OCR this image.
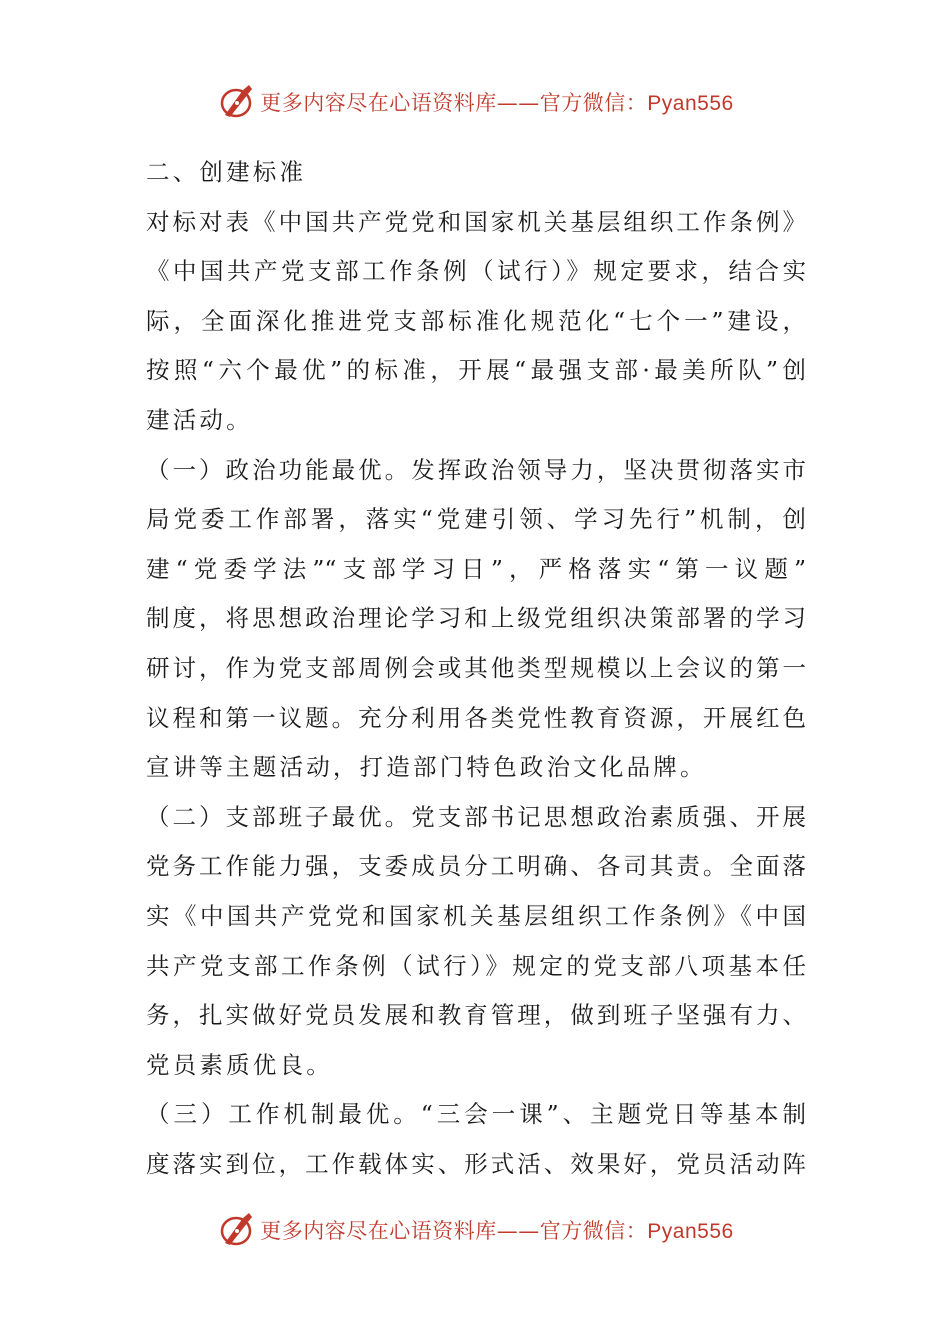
更多内容尽在心语资料库——官方微信：Pyan556
二、创建标准
对标对表《中国共产党党和国家机关基层组织工作条例》
《中国共产党支部工作条例（试行）》规定要求，结合实
际，全面深化推进党支部标准化规范化“七个一”建设，
按照“六个最优”的标准，开展“最强支部·最美所队”创
建活动。
（一）政治功能最优。发挥政治领导力，坚决贯彻落实市
局党委工作部署，落实“党建引领、学习先行”机制，创
建“党委学法”“支部学习日”，严格落实“第一议题”
制度，将思想政治理论学习和上级党组织决策部署的学习
研讨，作为党支部周例会或其他类型规模以上会议的第一
议程和第一议题。充分利用各类党性教育资源，开展红色
宣讲等主题活动，打造部门特色政治文化品牌。
（二）支部班子最优。党支部书记思想政治素质强、开展
党务工作能力强，支委成员分工明确、各司其责。全面落
实《中国共产党党和国家机关基层组织工作条例》《中国
共产党支部工作条例（试行）》规定的党支部八项基本任
务，扎实做好党员发展和教育管理，做到班子坚强有力、
党员素质优良。
（三）工作机制最优。“三会一课”、主题党日等基本制
度落实到位，工作载体实、形式活、效果好，党员活动阵
更多内容尽在心语资料库——官方微信：Pyan556
